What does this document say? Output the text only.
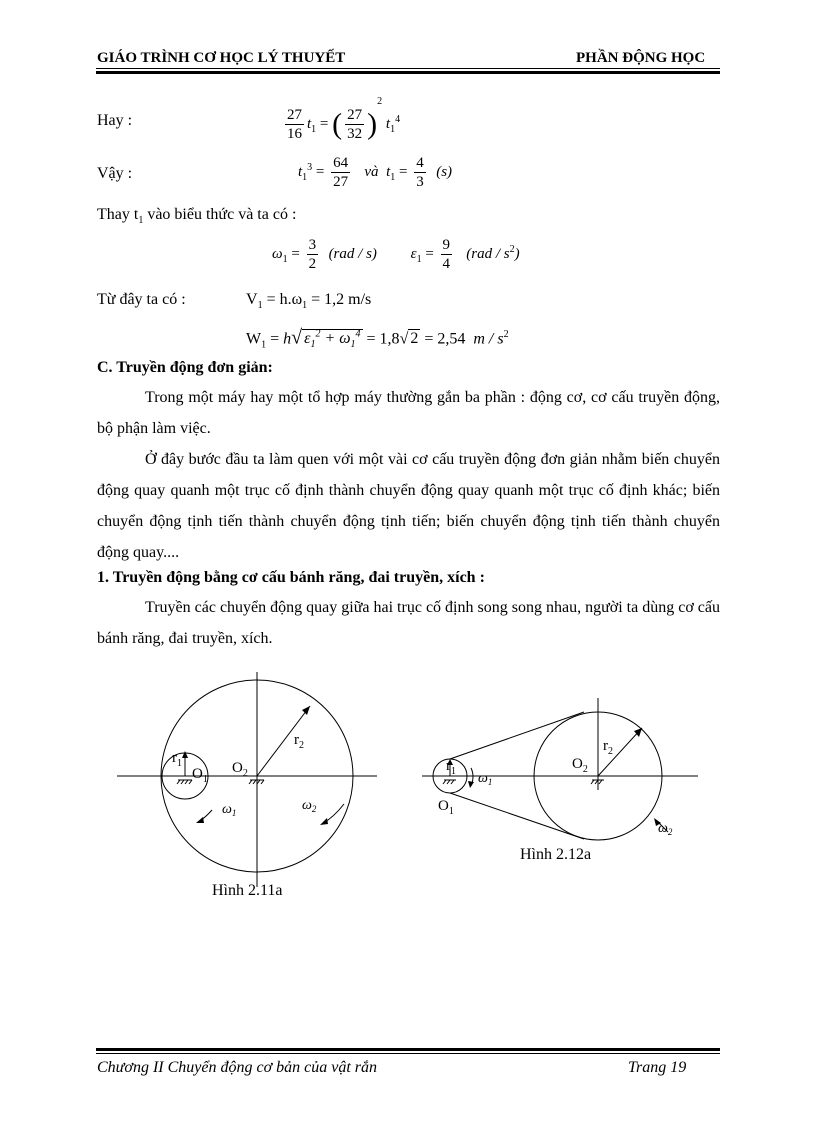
GIÁO TRÌNH CƠ HỌC LÝ THUYẾT	PHẦN ĐỘNG HỌC
Hay :	$\frac{27}{16} t_1$ = ( $\frac{27}{32} )^2$ $t_1^4$
Vậy :	$t_1^3 = \frac{64}{27}$ và $t_1 = \frac{4}{3} (s)$
Thay $t_1$ vào biểu thức và ta có :
$\omega_1 = \frac{3}{2} (rad / s) \varepsilon_1 = \frac{9}{4} (rad / s^2)$
Từ đây ta có :	$V_1 = h.\omega_1 = 1,2$ m/s
$W_1 = h√$ $\varepsilon_1^2 + \omega_1^4 = 1,8√$ 2 = 2,54 m / $s^2$
C. Truyền động đơn giản:
Trong một máy hay một tổ hợp máy thường gắn ba phần : động cơ, cơ cấu truyền động, bộ phận làm việc.
Ở đây bước đầu ta làm quen với một vài cơ cấu truyền động đơn giản nhằm biến chuyển động quay quanh một trục cố định thành chuyển động quay quanh một trục cố định khác; biến chuyển động tịnh tiến thành chuyển động tịnh tiến; biến chuyển động tịnh tiến thành chuyển động quay....
1. Truyền động bằng cơ cấu bánh răng, đai truyền, xích :
Truyền các chuyển động quay giữa hai trục cố định song song nhau, người ta dùng cơ cấu bánh răng, đai truyền, xích.
$r_2$
$r_1$
$O_1$
$O_2$
$\omega_1$	$\omega_2$
Hình 2.11a
$r_2$
$r_1$
$O_1$
$O_2$
$\omega_1$
$\omega_2$
Hình 2.12a
Chương II Chuyển động cơ bản của vật rắn	Trang 19
